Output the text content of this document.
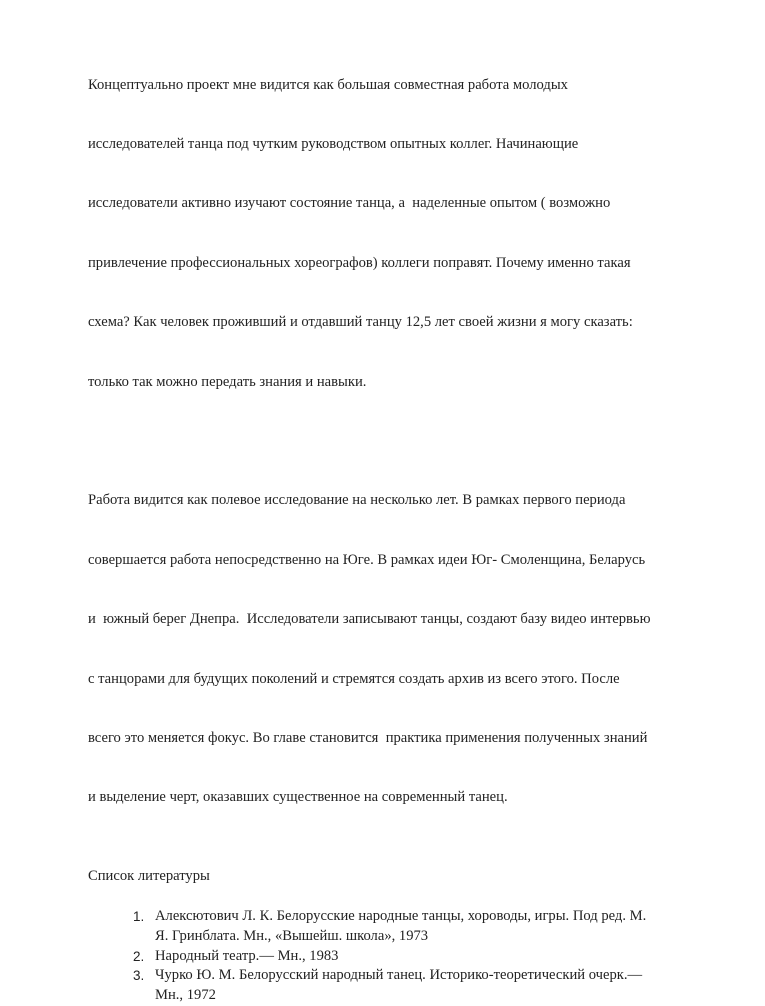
Концептуально проект мне видится как большая совместная работа молодых

исследователей танца под чутким руководством опытных коллег. Начинающие

исследователи активно изучают состояние танца, а  наделенные опытом ( возможно

привлечение профессиональных хореографов) коллеги поправят. Почему именно такая

схема? Как человек проживший и отдавший танцу 12,5 лет своей жизни я могу сказать:

только так можно передать знания и навыки.

Работа видится как полевое исследование на несколько лет. В рамках первого периода

совершается работа непосредственно на Юге. В рамках идеи Юг- Смоленщина, Беларусь

и  южный берег Днепра.  Исследователи записывают танцы, создают базу видео интервью

с танцорами для будущих поколений и стремятся создать архив из всего этого. После

всего это меняется фокус. Во главе становится  практика применения полученных знаний

и выделение черт, оказавших существенное на современный танец.

Список литературы

1. Алексютович Л. К. Белорусские народные танцы, хороводы, игры. Под ред. М.
Я. Гринблата. Мн., «Вышейш. школа», 1973
2. Народный театр.— Мн., 1983
3. Чурко Ю. М. Белорусский народный танец. Историко-теоретический очерк.—
Мн., 1972
